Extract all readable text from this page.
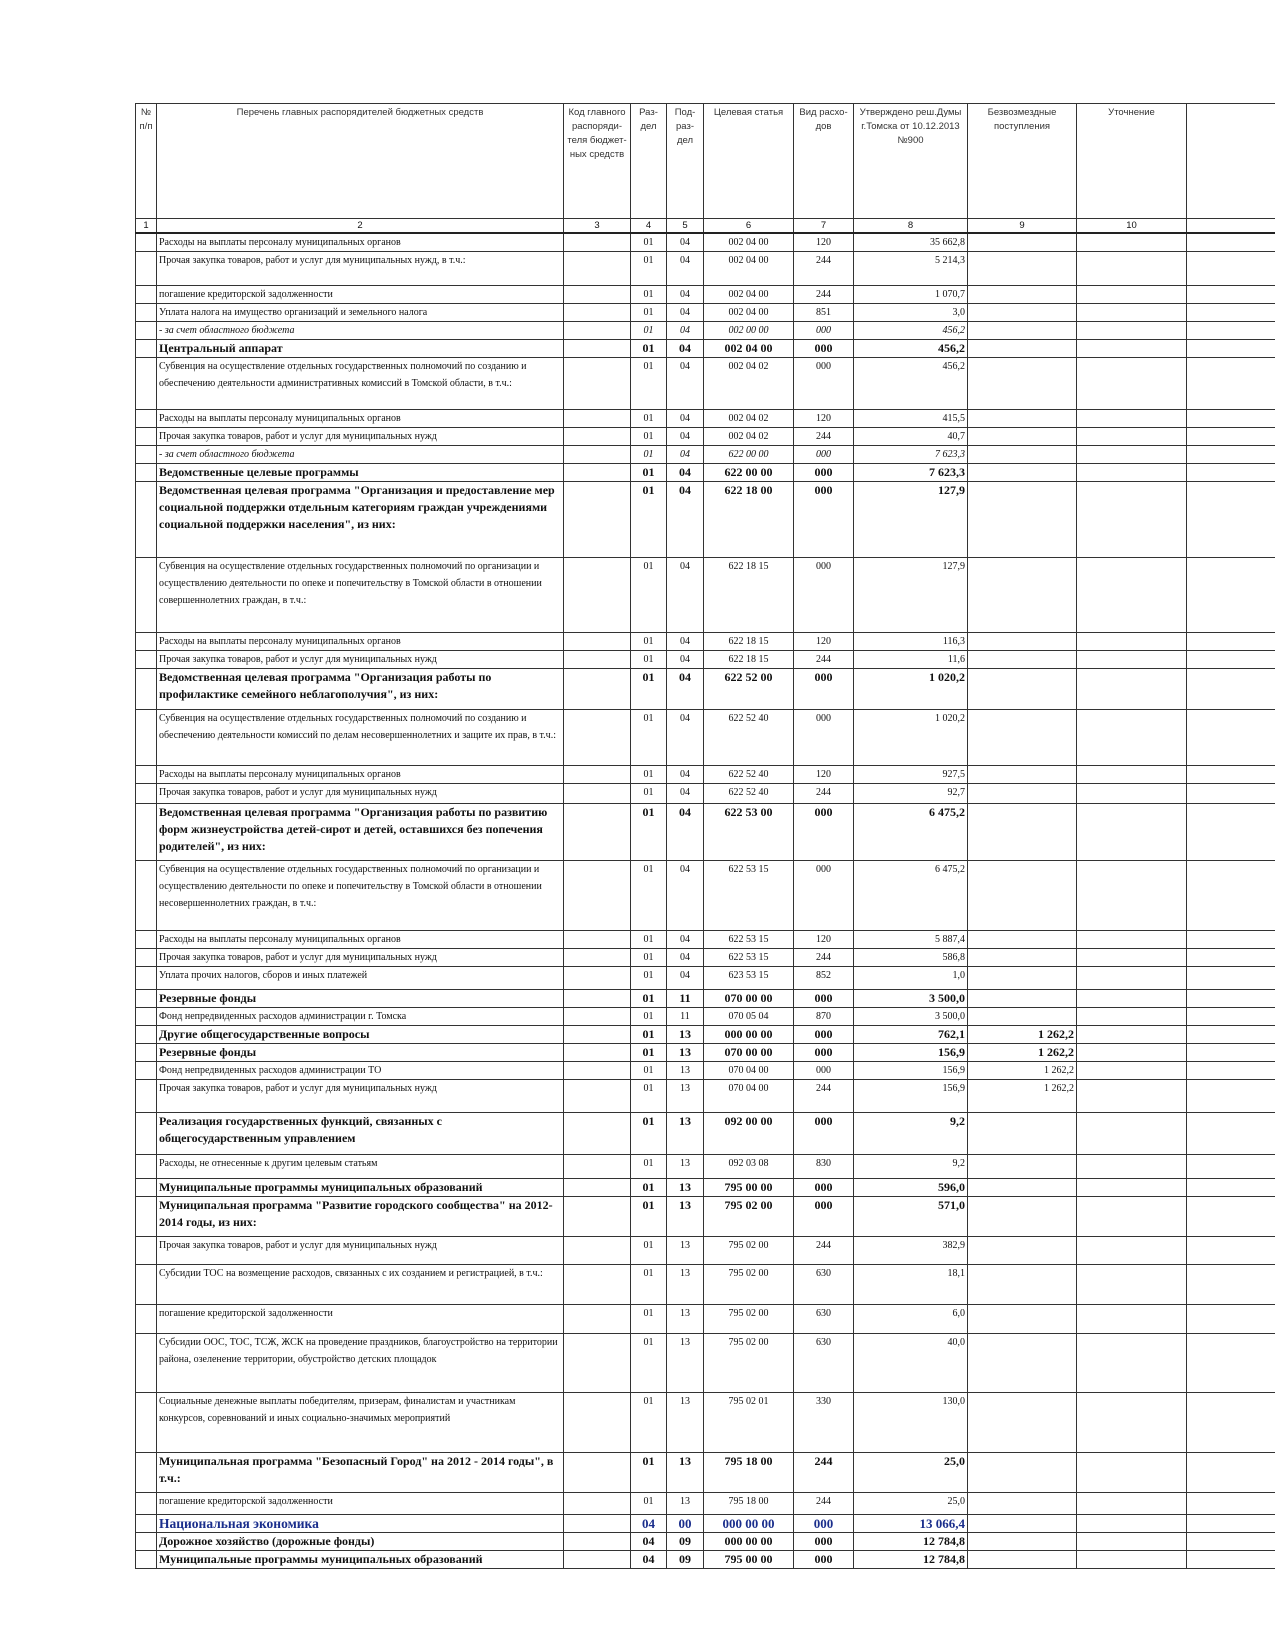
№ п/п	Перечень главных распорядителей бюджетных средств	Код главного распоряди-теля бюджет-ных средств	Раз-дел	Под-раз-дел	Целевая статья	Вид расхо-дов	Утверждено реш.Думы г.Томска от 10.12.2013 №900	Безвозмездные поступления	Уточнение	
1	2	3	4	5	6	7	8	9	10	
	Расходы на выплаты персоналу муниципальных органов		01	04	002 04 00	120	35 662,8			
	Прочая закупка товаров, работ и услуг для муниципальных нужд, в т.ч.:		01	04	002 04 00	244	5 214,3			
	погашение кредиторской задолженности		01	04	002 04 00	244	1 070,7			
	Уплата налога на имущество организаций и земельного налога		01	04	002 04 00	851	3,0			
	- за счет областного бюджета		01	04	002 00 00	000	456,2			
	Центральный аппарат		01	04	002 04 00	000	456,2			
	Субвенция на осуществление отдельных государственных полномочий по созданию и обеспечению деятельности административных комиссий в Томской области, в т.ч.:		01	04	002 04 02	000	456,2			
	Расходы на выплаты персоналу муниципальных органов		01	04	002 04 02	120	415,5			
	Прочая закупка товаров, работ и услуг для муниципальных нужд		01	04	002 04 02	244	40,7			
	- за счет областного бюджета		01	04	622 00 00	000	7 623,3			
	Ведомственные целевые программы		01	04	622 00 00	000	7 623,3			
	Ведомственная целевая программа "Организация и предоставление мер социальной поддержки отдельным категориям граждан учреждениями социальной поддержки населения", из них:		01	04	622 18 00	000	127,9			
	Субвенция на осуществление отдельных государственных полномочий по организации и осуществлению деятельности по опеке и попечительству в Томской области в отношении совершеннолетних граждан, в т.ч.:		01	04	622 18 15	000	127,9			
	Расходы на выплаты персоналу муниципальных органов		01	04	622 18 15	120	116,3			
	Прочая закупка товаров, работ и услуг для муниципальных нужд		01	04	622 18 15	244	11,6			
	Ведомственная целевая программа "Организация работы по профилактике семейного неблагополучия", из них:		01	04	622 52 00	000	1 020,2			
	Субвенция на осуществление отдельных государственных полномочий по созданию и обеспечению деятельности комиссий по делам несовершеннолетних и защите их прав, в т.ч.:		01	04	622 52 40	000	1 020,2			
	Расходы на выплаты персоналу муниципальных органов		01	04	622 52 40	120	927,5			
	Прочая закупка товаров, работ и услуг для муниципальных нужд		01	04	622 52 40	244	92,7			
	Ведомственная целевая программа "Организация работы по развитию форм жизнеустройства детей-сирот и детей, оставшихся без попечения родителей", из них:		01	04	622 53 00	000	6 475,2			
	Субвенция на осуществление отдельных государственных полномочий по организации и осуществлению деятельности по опеке и попечительству в Томской области в отношении несовершеннолетних граждан, в т.ч.:		01	04	622 53 15	000	6 475,2			
	Расходы на выплаты персоналу муниципальных органов		01	04	622 53 15	120	5 887,4			
	Прочая закупка товаров, работ и услуг для муниципальных нужд		01	04	622 53 15	244	586,8			
	Уплата прочих налогов, сборов и иных платежей		01	04	623 53 15	852	1,0			
	Резервные фонды		01	11	070 00 00	000	3 500,0			
	Фонд непредвиденных расходов администрации г. Томска		01	11	070 05 04	870	3 500,0			
	Другие общегосударственные вопросы		01	13	000 00 00	000	762,1	1 262,2		
	Резервные фонды		01	13	070 00 00	000	156,9	1 262,2		
	Фонд непредвиденных расходов администрации ТО		01	13	070 04 00	000	156,9	1 262,2		
	Прочая закупка товаров, работ и услуг для муниципальных нужд		01	13	070 04 00	244	156,9	1 262,2		
	Реализация государственных функций, связанных с общегосударственным управлением		01	13	092 00 00	000	9,2			
	Расходы, не отнесенные к другим целевым статьям		01	13	092 03 08	830	9,2			
	Муниципальные программы муниципальных образований		01	13	795 00 00	000	596,0			
	Муниципальная программа "Развитие городского сообщества" на 2012-2014 годы, из них:		01	13	795 02 00	000	571,0			
	Прочая закупка товаров, работ и услуг для муниципальных нужд		01	13	795 02 00	244	382,9			
	Субсидии ТОС на возмещение расходов, связанных с их созданием и регистрацией, в т.ч.:		01	13	795 02 00	630	18,1			
	погашение кредиторской задолженности		01	13	795 02 00	630	6,0			
	Субсидии ООС, ТОС, ТСЖ, ЖСК на проведение праздников, благоустройство на территории района, озеленение территории, обустройство детских площадок		01	13	795 02 00	630	40,0			
	Социальные денежные выплаты победителям, призерам, финалистам и участникам конкурсов, соревнований и иных социально-значимых мероприятий		01	13	795 02 01	330	130,0			
	Муниципальная программа "Безопасный Город" на 2012 - 2014 годы", в т.ч.:		01	13	795 18 00	244	25,0			
	погашение кредиторской задолженности		01	13	795 18 00	244	25,0			
	Национальная экономика		04	00	000 00 00	000	13 066,4			
	Дорожное хозяйство (дорожные фонды)		04	09	000 00 00	000	12 784,8			
	Муниципальные программы муниципальных образований		04	09	795 00 00	000	12 784,8			
